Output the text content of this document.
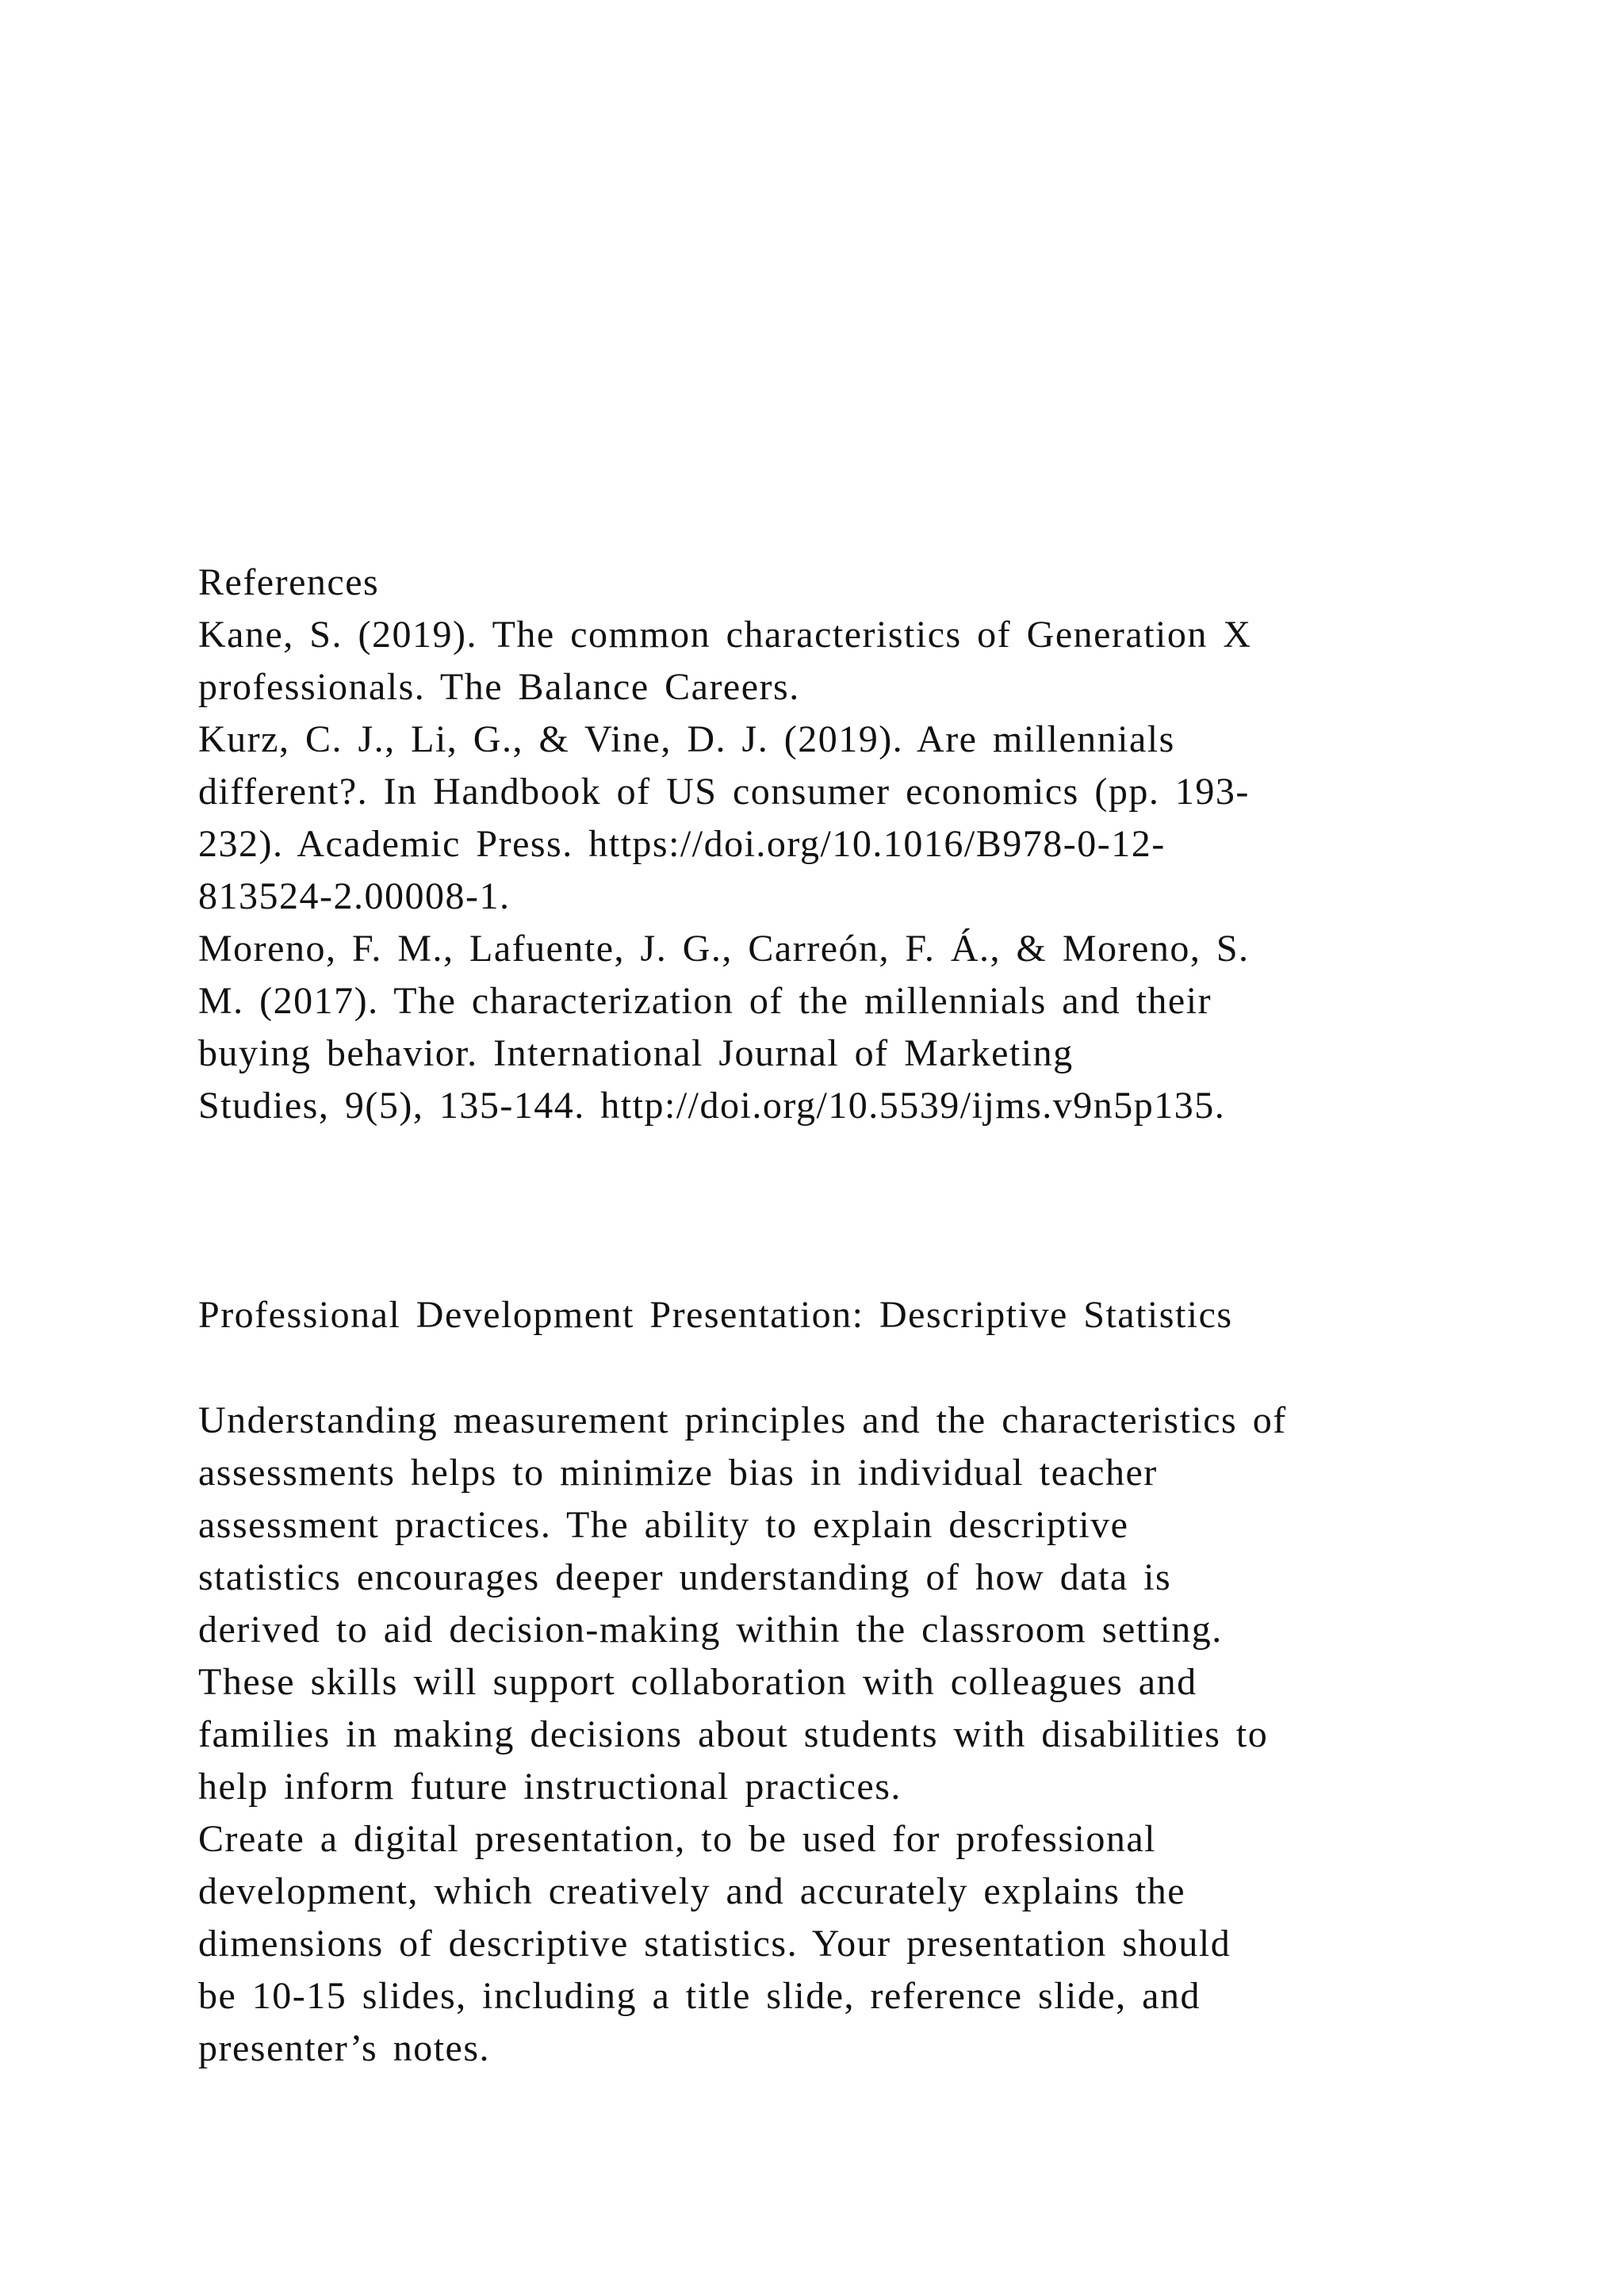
References
Kane, S. (2019). The common characteristics of Generation X
professionals. The Balance Careers.
Kurz, C. J., Li, G., & Vine, D. J. (2019). Are millennials
different?. In Handbook of US consumer economics (pp. 193-
232). Academic Press. https://doi.org/10.1016/B978-0-12-
813524-2.00008-1.
Moreno, F. M., Lafuente, J. G., Carreón, F. Á., & Moreno, S.
M. (2017). The characterization of the millennials and their
buying behavior. International Journal of Marketing
Studies, 9(5), 135-144. http://doi.org/10.5539/ijms.v9n5p135.
Professional Development Presentation: Descriptive Statistics
Understanding measurement principles and the characteristics of
assessments helps to minimize bias in individual teacher
assessment practices. The ability to explain descriptive
statistics encourages deeper understanding of how data is
derived to aid decision-making within the classroom setting.
These skills will support collaboration with colleagues and
families in making decisions about students with disabilities to
help inform future instructional practices.
Create a digital presentation, to be used for professional
development, which creatively and accurately explains the
dimensions of descriptive statistics. Your presentation should
be 10-15 slides, including a title slide, reference slide, and
presenter’s notes.
